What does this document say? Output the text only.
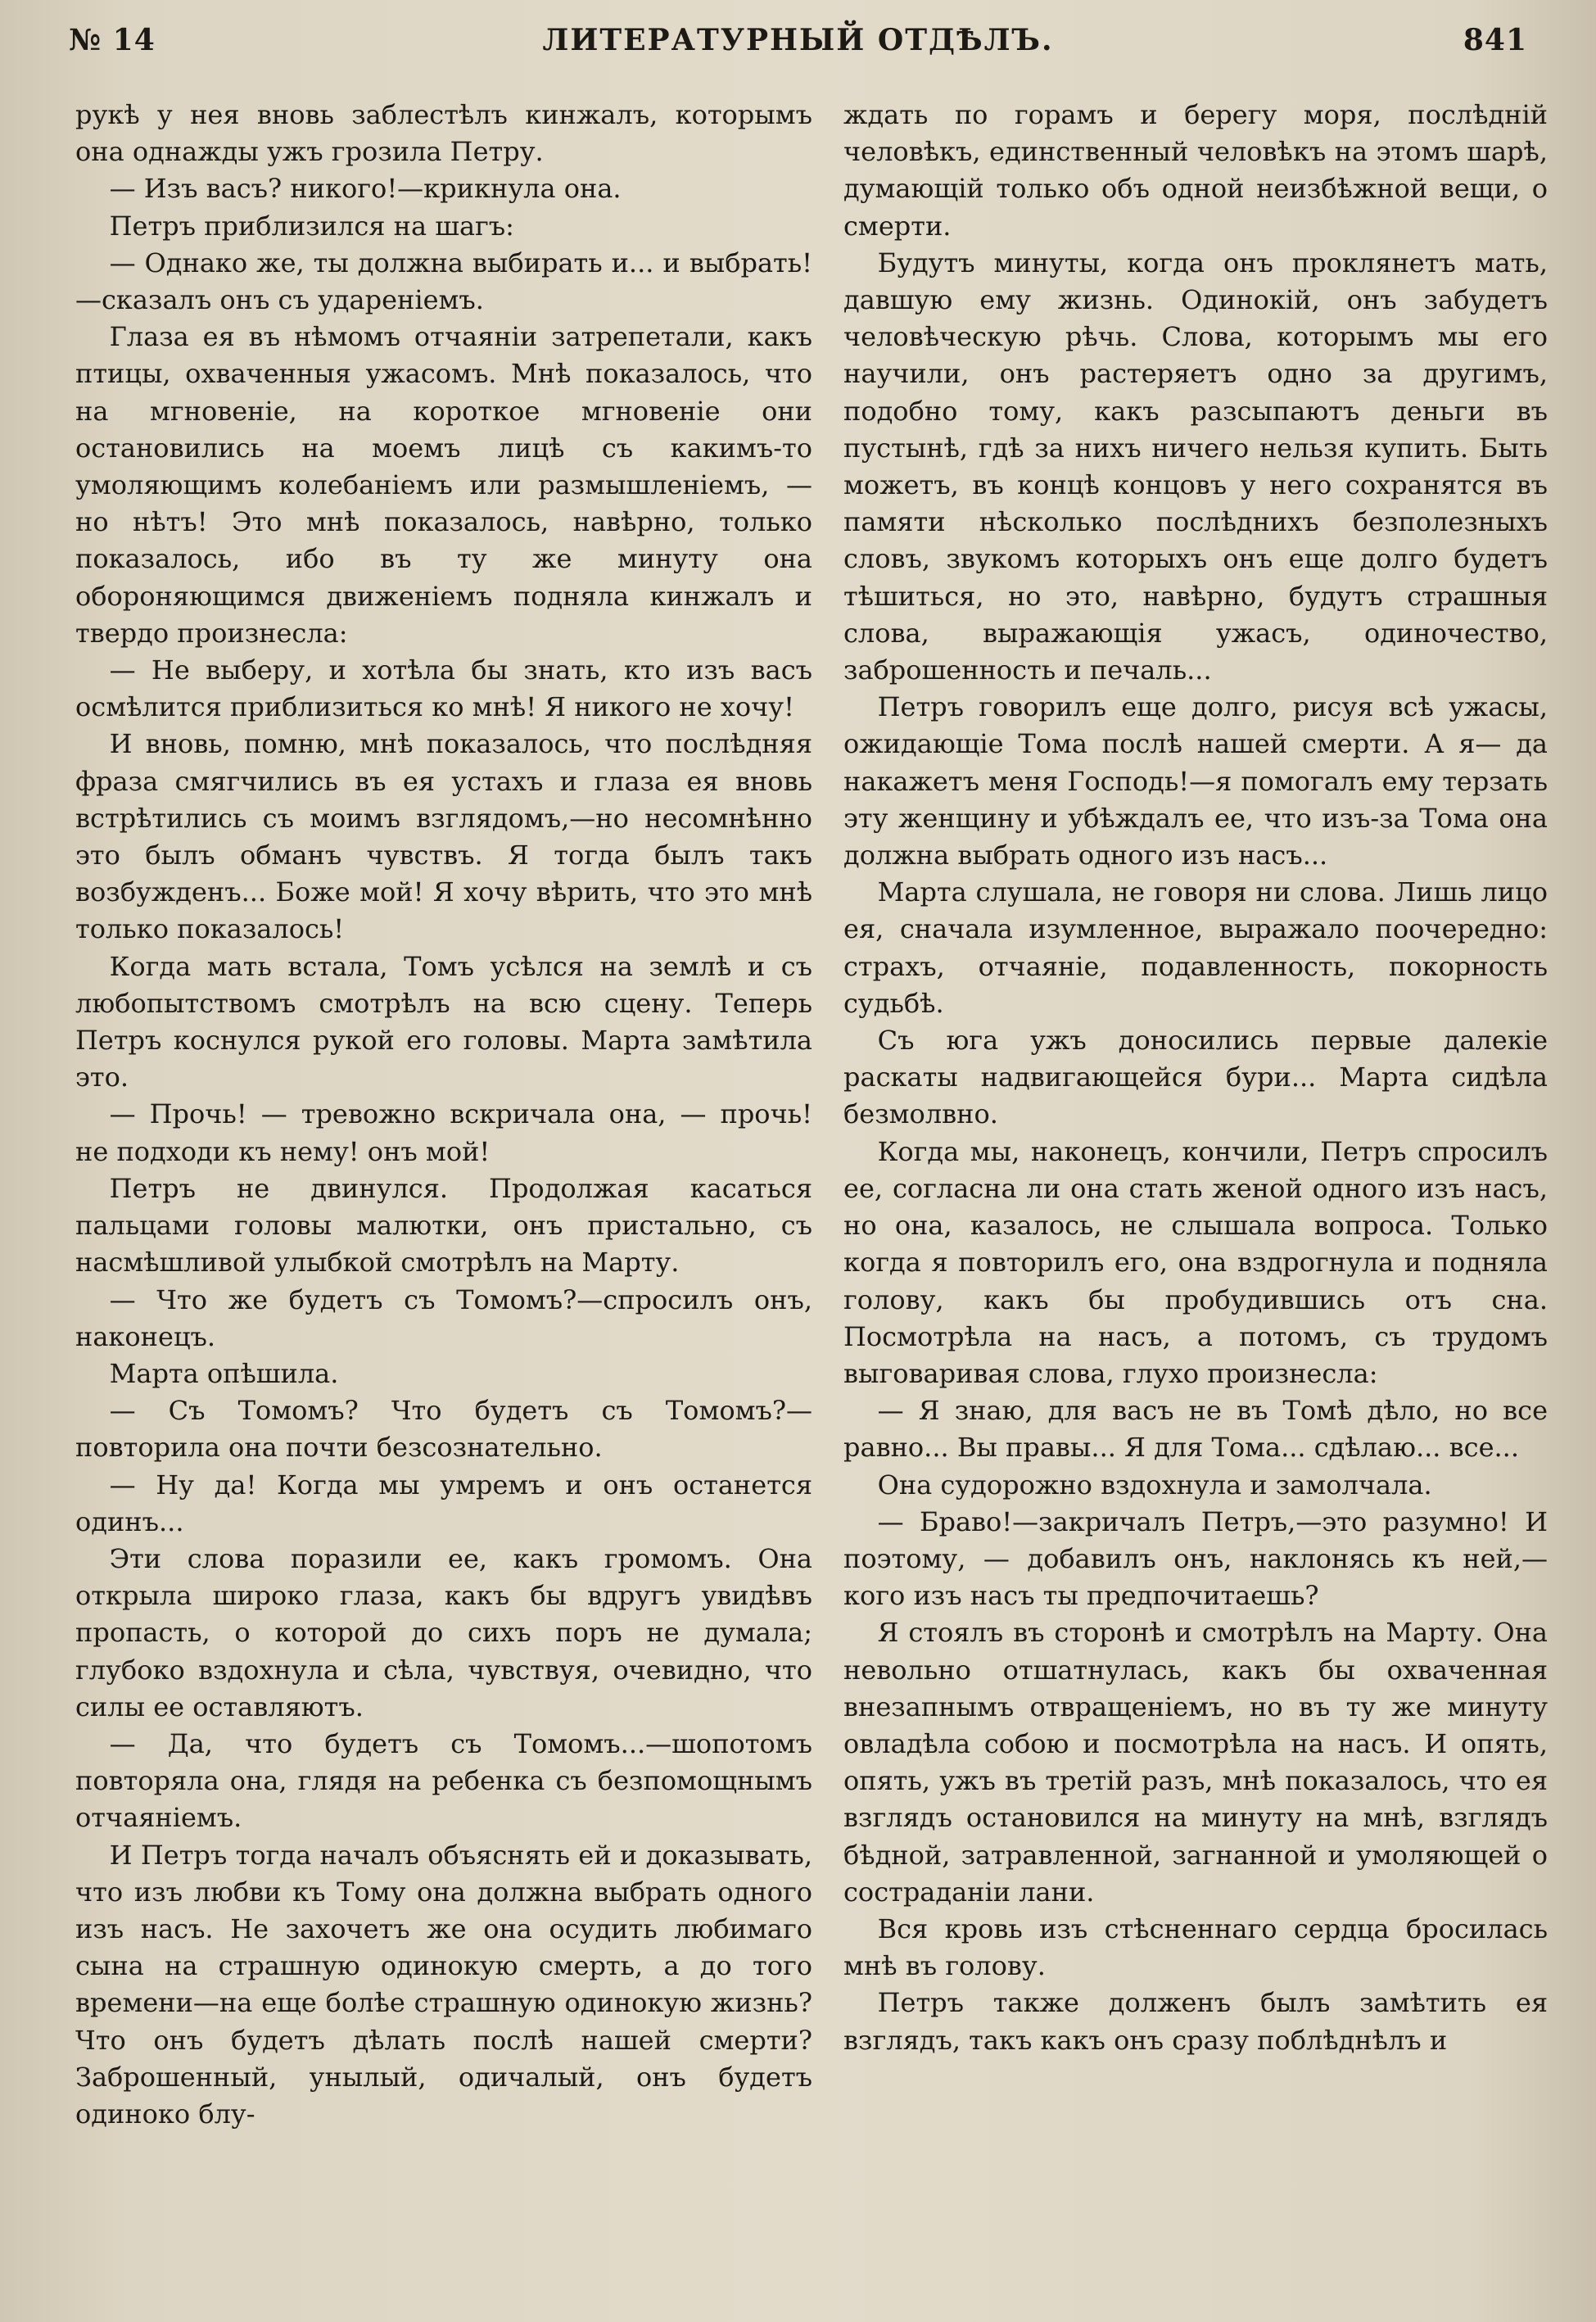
№ 14	ЛИТЕРАТУРНЫЙ ОТДѢЛЪ.	841

рукѣ у нея вновь заблестѣлъ кинжалъ, которымъ она однажды ужъ грозила Петру.

— Изъ васъ? никого!—крикнула она.

Петръ приблизился на шагъ:

— Однако же, ты должна выбирать и... и выбрать!—сказалъ онъ съ удареніемъ.

Глаза ея въ нѣмомъ отчаяніи затрепетали, какъ птицы, охваченныя ужасомъ. Мнѣ показалось, что на мгновеніе, на короткое мгновеніе они остановились на моемъ лицѣ съ какимъ-то умоляющимъ колебаніемъ или размышленіемъ, — но нѣтъ! Это мнѣ показалось, навѣрно, только показалось, ибо въ ту же минуту она обороняющимся движеніемъ подняла кинжалъ и твердо произнесла:

— Не выберу, и хотѣла бы знать, кто изъ васъ осмѣлится приблизиться ко мнѣ! Я никого не хочу!

И вновь, помню, мнѣ показалось, что послѣдняя фраза смягчились въ ея устахъ и глаза ея вновь встрѣтились съ моимъ взглядомъ,—но несомнѣнно это былъ обманъ чувствъ. Я тогда былъ такъ возбужденъ... Боже мой! Я хочу вѣрить, что это мнѣ только показалось!

Когда мать встала, Томъ усѣлся на землѣ и съ любопытствомъ смотрѣлъ на всю сцену. Теперь Петръ коснулся рукой его головы. Марта замѣтила это.

— Прочь! — тревожно вскричала она, — прочь! не подходи къ нему! онъ мой!

Петръ не двинулся. Продолжая касаться пальцами головы малютки, онъ пристально, съ насмѣшливой улыбкой смотрѣлъ на Марту.

— Что же будетъ съ Томомъ?—спросилъ онъ, наконецъ.

Марта опѣшила.

— Съ Томомъ? Что будетъ съ Томомъ?— повторила она почти безсознательно.

— Ну да! Когда мы умремъ и онъ останется одинъ...

Эти слова поразили ее, какъ громомъ. Она открыла широко глаза, какъ бы вдругъ увидѣвъ пропасть, о которой до сихъ поръ не думала; глубоко вздохнула и сѣла, чувствуя, очевидно, что силы ее оставляютъ.

— Да, что будетъ съ Томомъ...—шопотомъ повторяла она, глядя на ребенка съ безпомощнымъ отчаяніемъ.

И Петръ тогда началъ объяснять ей и доказывать, что изъ любви къ Тому она должна выбрать одного изъ насъ. Не захочетъ же она осудить любимаго сына на страшную одинокую смерть, а до того времени—на еще болѣе страшную одинокую жизнь? Что онъ будетъ дѣлать послѣ нашей смерти? Заброшенный, унылый, одичалый, онъ будетъ одиноко блу-

ждать по горамъ и берегу моря, послѣдній человѣкъ, единственный человѣкъ на этомъ шарѣ, думающій только объ одной неизбѣжной вещи, о смерти.

Будутъ минуты, когда онъ проклянетъ мать, давшую ему жизнь. Одинокій, онъ забудетъ человѣческую рѣчь. Слова, которымъ мы его научили, онъ растеряетъ одно за другимъ, подобно тому, какъ разсыпаютъ деньги въ пустынѣ, гдѣ за нихъ ничего нельзя купить. Быть можетъ, въ концѣ концовъ у него сохранятся въ памяти нѣсколько послѣднихъ безполезныхъ словъ, звукомъ которыхъ онъ еще долго будетъ тѣшиться, но это, навѣрно, будутъ страшныя слова, выражающія ужасъ, одиночество, заброшенность и печаль...

Петръ говорилъ еще долго, рисуя всѣ ужасы, ожидающіе Тома послѣ нашей смерти. А я— да накажетъ меня Господь!—я помогалъ ему терзать эту женщину и убѣждалъ ее, что изъ-за Тома она должна выбрать одного изъ насъ...

Марта слушала, не говоря ни слова. Лишь лицо ея, сначала изумленное, выражало поочередно: страхъ, отчаяніе, подавленность, покорность судьбѣ.

Съ юга ужъ доносились первые далекіе раскаты надвигающейся бури... Марта сидѣла безмолвно.

Когда мы, наконецъ, кончили, Петръ спросилъ ее, согласна ли она стать женой одного изъ насъ, но она, казалось, не слышала вопроса. Только когда я повторилъ его, она вздрогнула и подняла голову, какъ бы пробудившись отъ сна. Посмотрѣла на насъ, а потомъ, съ трудомъ выговаривая слова, глухо произнесла:

— Я знаю, для васъ не въ Томѣ дѣло, но все равно... Вы правы... Я для Тома... сдѣлаю... все...

Она судорожно вздохнула и замолчала.

— Браво!—закричалъ Петръ,—это разумно! И поэтому, — добавилъ онъ, наклонясь къ ней,—кого изъ насъ ты предпочитаешь?

Я стоялъ въ сторонѣ и смотрѣлъ на Марту. Она невольно отшатнулась, какъ бы охваченная внезапнымъ отвращеніемъ, но въ ту же минуту овладѣла собою и посмотрѣла на насъ. И опять, опять, ужъ въ третій разъ, мнѣ показалось, что ея взглядъ остановился на минуту на мнѣ, взглядъ бѣдной, затравленной, загнанной и умоляющей о состраданіи лани.

Вся кровь изъ стѣсненнаго сердца бросилась мнѣ въ голову.

Петръ также долженъ былъ замѣтить ея взглядъ, такъ какъ онъ сразу поблѣднѣлъ и
